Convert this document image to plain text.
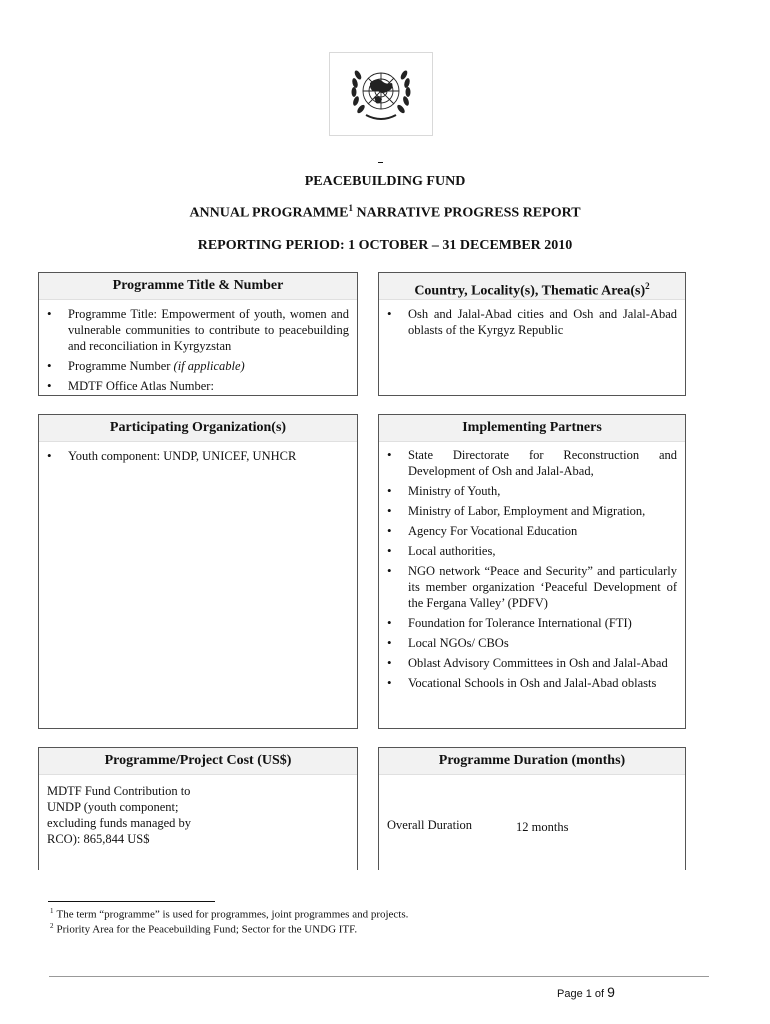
PEACEBUILDING FUND
ANNUAL PROGRAMME$^1$ NARRATIVE PROGRESS REPORT
REPORTING PERIOD: 1 OCTOBER – 31 DECEMBER 2010
Programme Title & Number
• Programme Title: Empowerment of youth, women and vulnerable communities to contribute to peacebuilding and reconciliation in Kyrgyzstan
• Programme Number (if applicable)
• MDTF Office Atlas Number:
Country, Locality(s), Thematic $Area(s)^2$
• Osh and Jalal-Abad cities and Osh and Jalal-Abad oblasts of the Kyrgyz Republic
Participating Organization(s)
• Youth component: UNDP, UNICEF, UNHCR
Implementing Partners
• State Directorate for Reconstruction and Development of Osh and Jalal-Abad,
• Ministry of Youth,
• Ministry of Labor, Employment and Migration,
• Agency For Vocational Education
• Local authorities,
• NGO network “Peace and Security” and particularly its member organization ‘Peaceful Development of the Fergana Valley’ (PDFV)
• Foundation for Tolerance International (FTI)
• Local NGOs/ CBOs
• Oblast Advisory Committees in Osh and Jalal-Abad
• Vocational Schools in Osh and Jalal-Abad oblasts
Programme/Project Cost (US$)
MDTF Fund Contribution to UNDP (youth component; excluding funds managed by RCO): 865,844 US$
Programme Duration (months)
Overall Duration	12 months
$^1$ The term “programme” is used for programmes, joint programmes and projects.
$^2$ Priority Area for the Peacebuilding Fund; Sector for the UNDG ITF.
Page 1 of 9
